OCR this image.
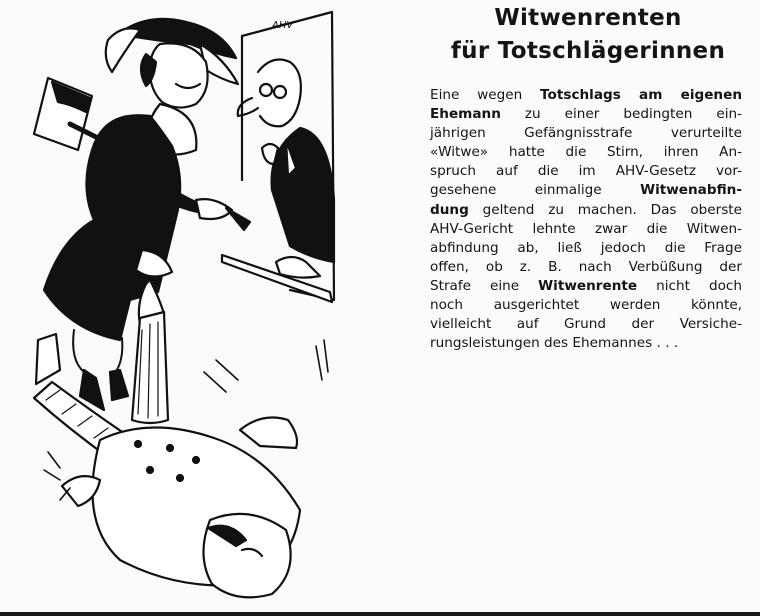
AHV	Witwenrenten
für Totschlägerinnen
Eine wegen Totschlags am eigenen
Ehemann zu einer bedingten ein-
jährigen Gefängnisstrafe verurteilte
«Witwe» hatte die Stirn, ihren An-
spruch auf die im AHV-Gesetz vor-
gesehene einmalige Witwenabfin-
dung geltend zu machen. Das oberste
AHV-Gericht lehnte zwar die Witwen-
abfindung ab, ließ jedoch die Frage
offen, ob z. B. nach Verbüßung der
Strafe eine Witwenrente nicht doch
noch ausgerichtet werden könnte,
vielleicht auf Grund der Versiche-
rungsleistungen des Ehemannes . . .
